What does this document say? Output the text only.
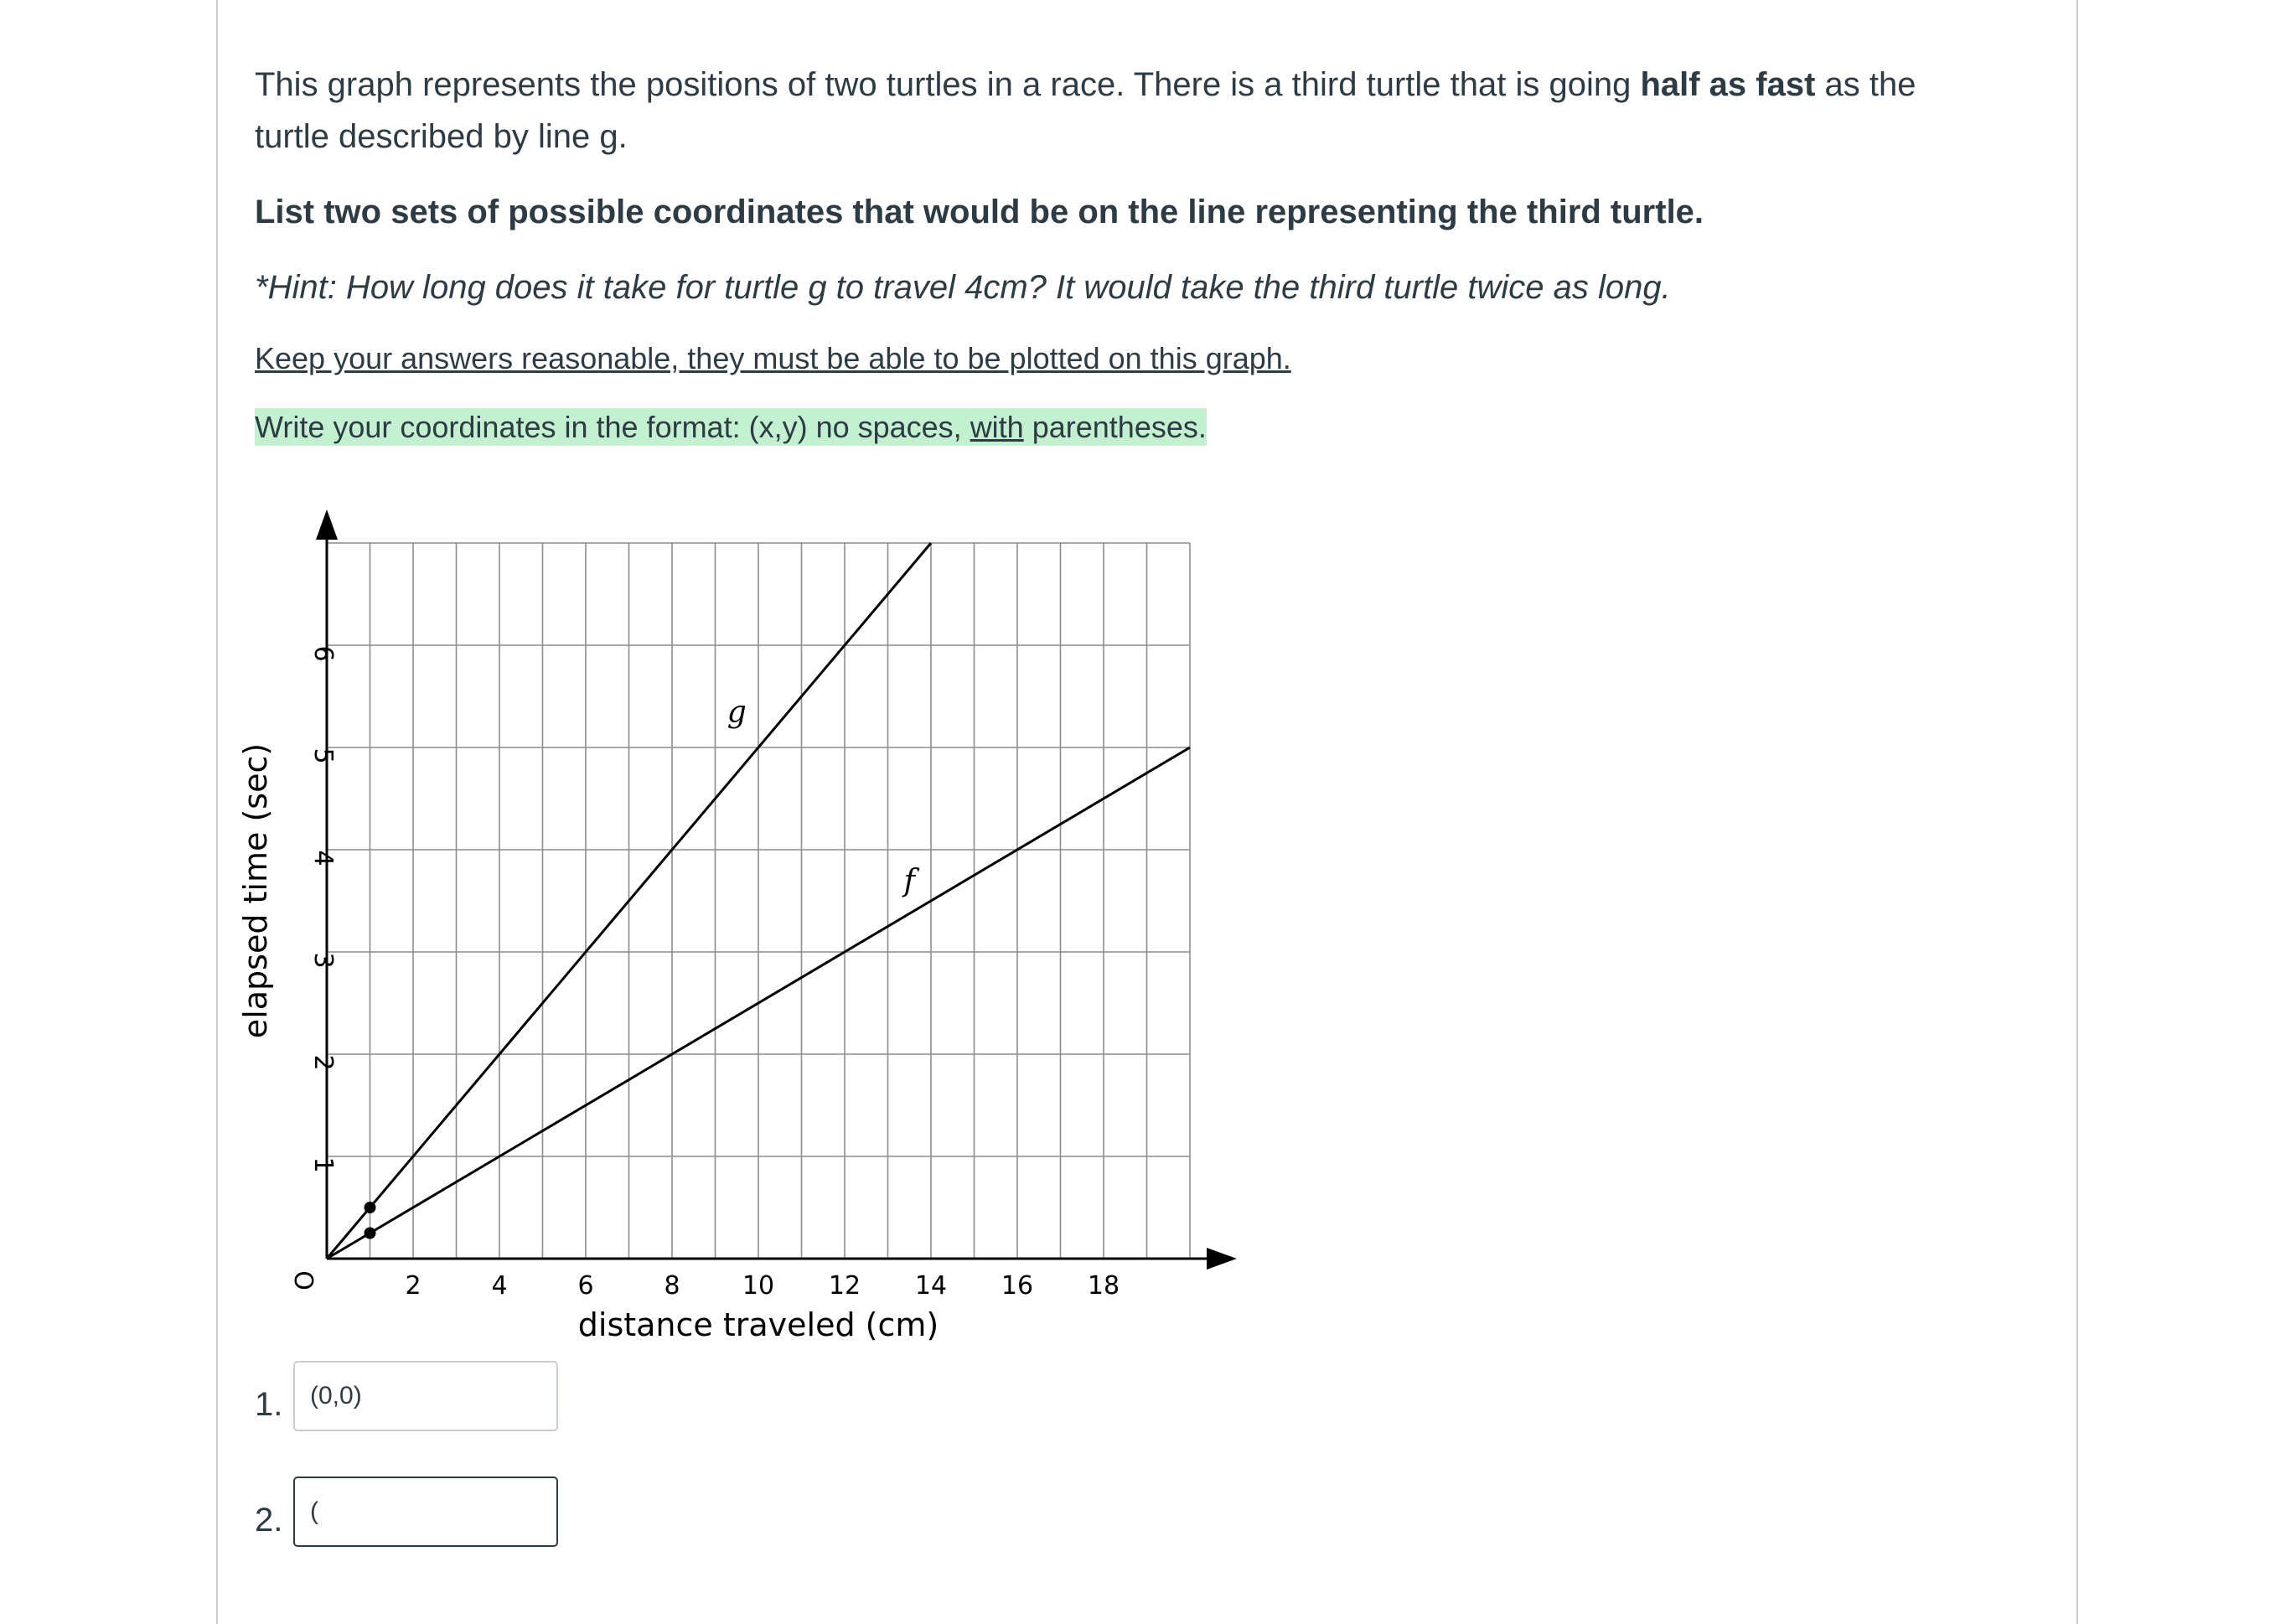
This graph represents the positions of two turtles in a race. There is a third turtle that is going half as fast as the turtle described by line g.
List two sets of possible coordinates that would be on the line representing the third turtle.
*Hint: How long does it take for turtle g to travel 4cm? It would take the third turtle twice as long.
Keep your answers reasonable, they must be able to be plotted on this graph.
Write your coordinates in the format: (x,y) no spaces, with parentheses.
2	4	6	8 10 12 14 16 18
1
2
3
4
5
6
O
distance traveled (cm)
elapsed time (sec)
g
f
1.
(0,0)
2.
(
